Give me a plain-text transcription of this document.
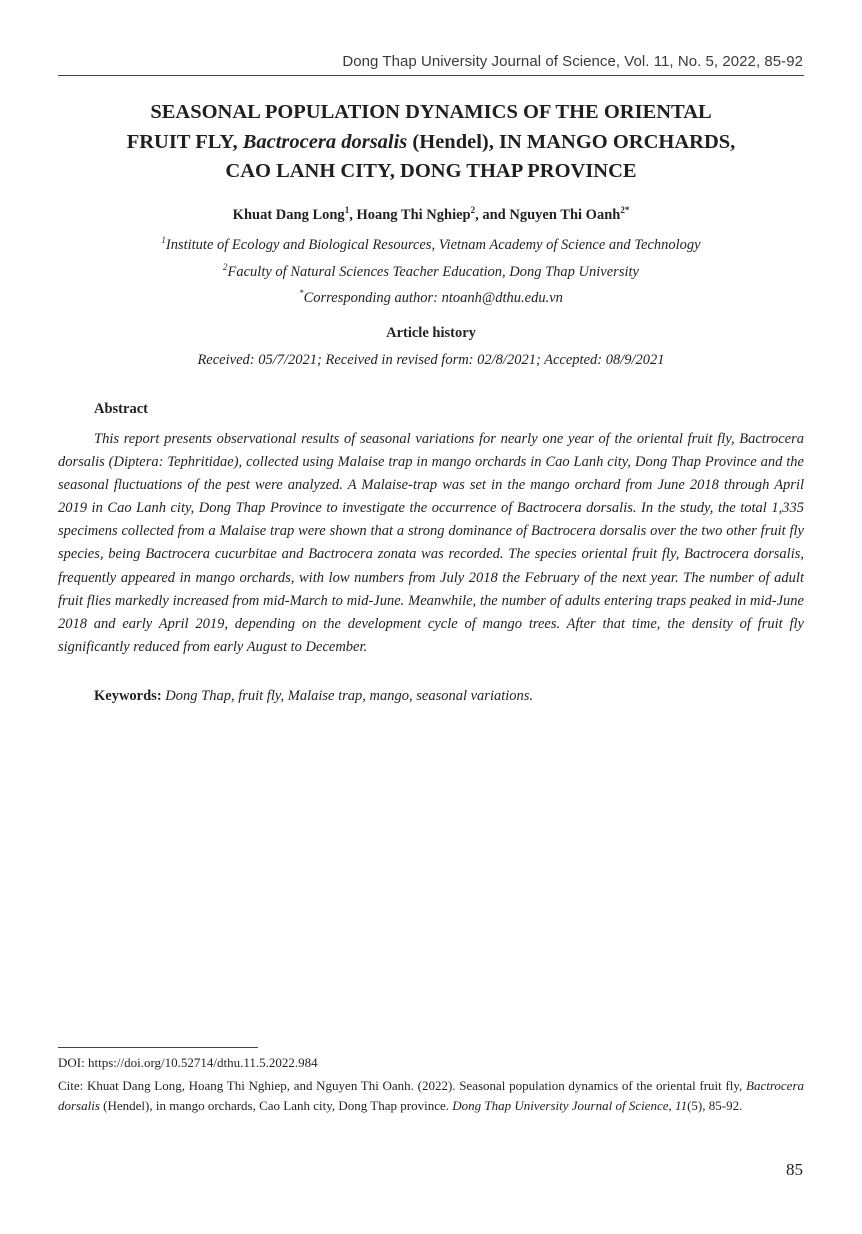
Dong Thap University Journal of Science, Vol. 11, No. 5, 2022, 85-92
SEASONAL POPULATION DYNAMICS OF THE ORIENTAL
FRUIT FLY, Bactrocera dorsalis (Hendel), IN MANGO ORCHARDS,
CAO LANH CITY, DONG THAP PROVINCE
Khuat Dang Long$^1$, Hoang Thi Nghiep$^2$, and Nguyen Thi Oanh$^{2*}$
$^1$Institute of Ecology and Biological Resources, Vietnam Academy of Science and Technology
$^2$Faculty of Natural Sciences Teacher Education, Dong Thap University
*Corresponding author: ntoanh@dthu.edu.vn
Article history
Received: 05/7/2021; Received in revised form: 02/8/2021; Accepted: 08/9/2021
Abstract
This report presents observational results of seasonal variations for nearly one year of the oriental fruit fly, Bactrocera dorsalis (Diptera: Tephritidae), collected using Malaise trap in mango orchards in Cao Lanh city, Dong Thap Province and the seasonal fluctuations of the pest were analyzed. A Malaise-trap was set in the mango orchard from June 2018 through April 2019 in Cao Lanh city, Dong Thap Province to investigate the occurrence of Bactrocera dorsalis. In the study, the total 1,335 specimens collected from a Malaise trap were shown that a strong dominance of Bactrocera dorsalis over the two other fruit fly species, being Bactrocera cucurbitae and Bactrocera zonata was recorded. The species oriental fruit fly, Bactrocera dorsalis, frequently appeared in mango orchards, with low numbers from July 2018 the February of the next year. The number of adult fruit flies markedly increased from mid-March to mid-June. Meanwhile, the number of adults entering traps peaked in mid-June 2018 and early April 2019, depending on the development cycle of mango trees. After that time, the density of fruit fly significantly reduced from early August to December.
Keywords: Dong Thap, fruit fly, Malaise trap, mango, seasonal variations.
DOI: https://doi.org/10.52714/dthu.11.5.2022.984
Cite: Khuat Dang Long, Hoang Thi Nghiep, and Nguyen Thi Oanh. (2022). Seasonal population dynamics of the oriental fruit fly, Bactrocera dorsalis (Hendel), in mango orchards, Cao Lanh city, Dong Thap province. Dong Thap University Journal of Science, 11(5), 85-92.
85
